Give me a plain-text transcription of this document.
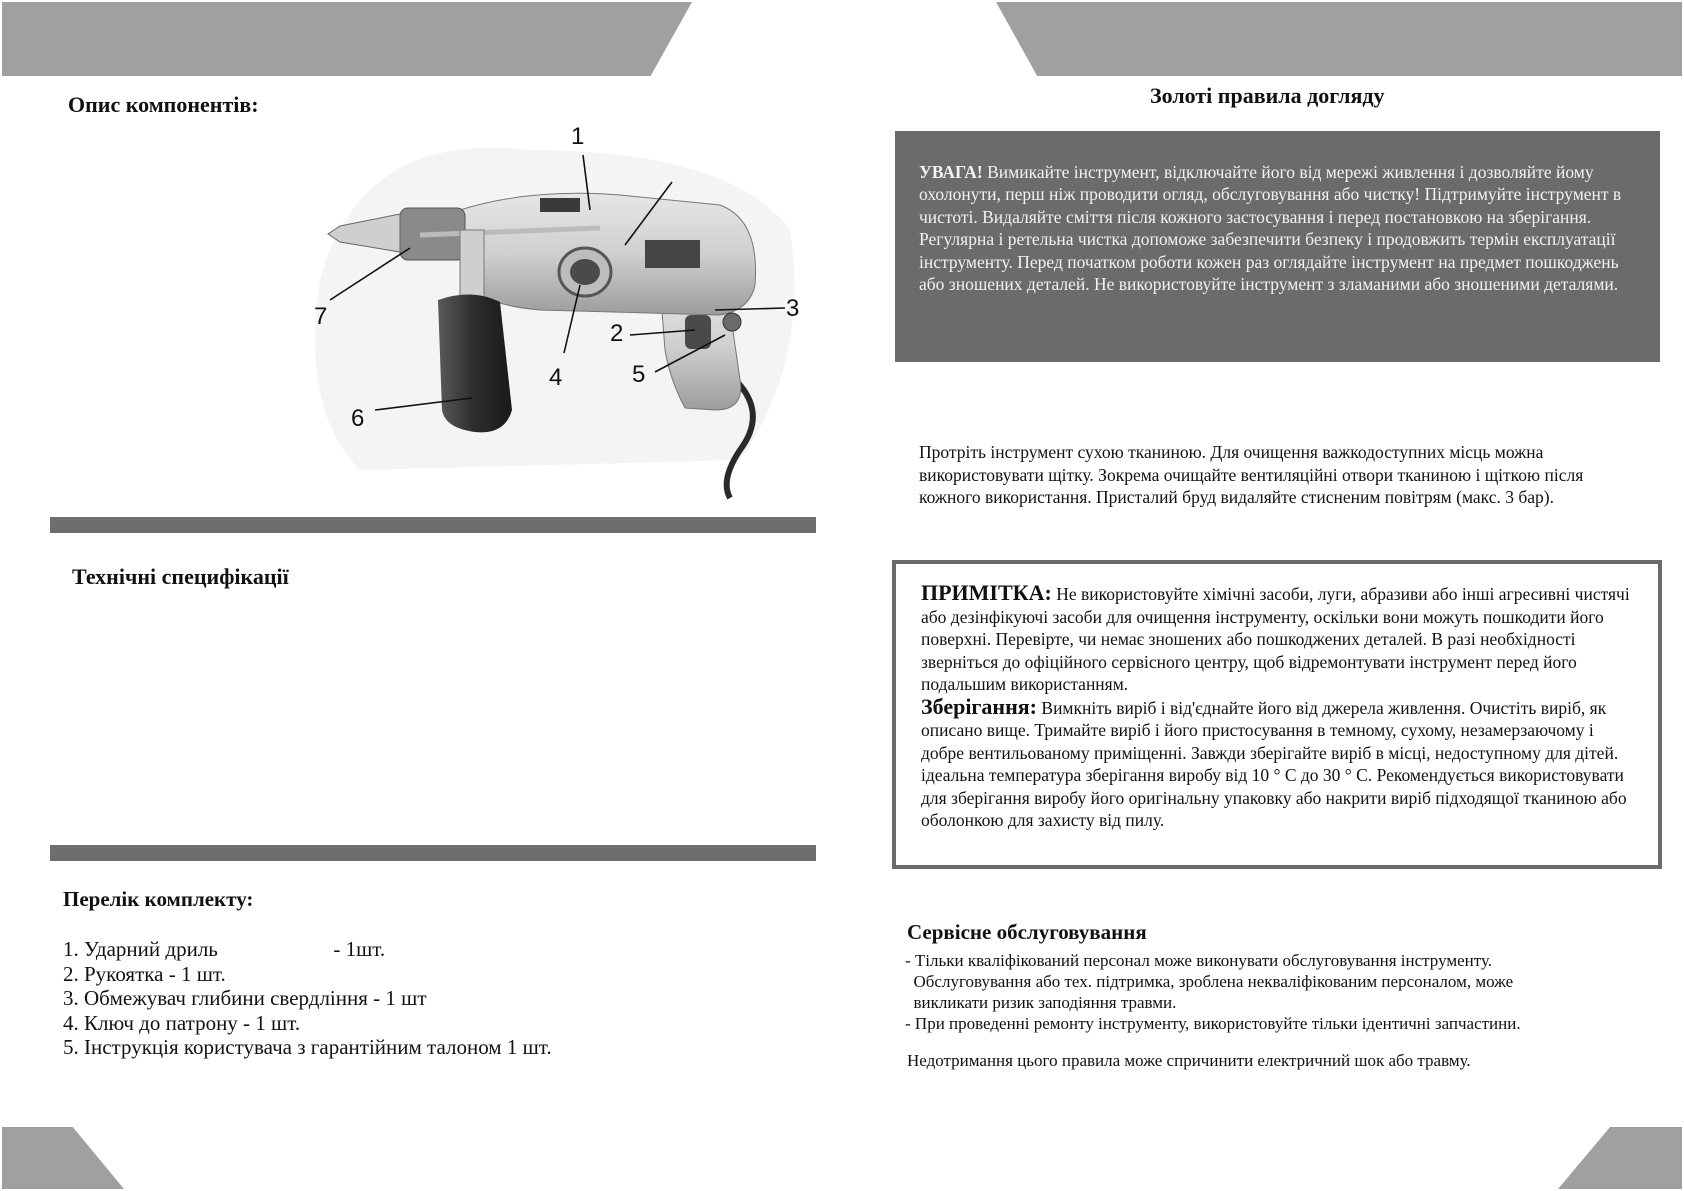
Опис компонентів:
1
2
3
4	5
6
7
Технічні специфікації
Перелік комплекту:
1. Ударний дриль                      - 1шт.
2. Рукоятка - 1 шт.
3. Обмежувач глибини свердління - 1 шт
4. Ключ до патрону - 1 шт.
5. Інструкція користувача з гарантійним талоном 1 шт.
Золоті правила догляду
УВАГА! Вимикайте інструмент, відключайте його від мережі живлення і дозволяйте йому охолонути, перш ніж проводити огляд, обслуговування або чистку! Підтримуйте інструмент в чистоті. Видаляйте сміття після кожного застосування і перед постановкою на зберігання. Регулярна і ретельна чистка допоможе забезпечити безпеку і продовжить термін експлуатації інструменту. Перед початком роботи кожен раз оглядайте інструмент на предмет пошкоджень або зношених деталей. Не використовуйте інструмент з зламаними або зношеними деталями.
Протріть інструмент сухою тканиною. Для очищення важкодоступних місць можна використовувати щітку. Зокрема очищайте вентиляційні отвори тканиною і щіткою після кожного використання. Присталий бруд видаляйте стисненим повітрям (макс. 3 бар).
ПРИМІТКА: Не використовуйте хімічні засоби, луги, абразиви або інші агресивні чистячі або дезінфікуючі засоби для очищення інструменту, оскільки вони можуть пошкодити його поверхні. Перевірте, чи немає зношених або пошкоджених деталей. В разі необхідності зверніться до офіційного сервісного центру, щоб відремонтувати інструмент перед його подальшим використанням.
Зберігання: Вимкніть виріб і від'єднайте його від джерела живлення. Очистіть виріб, як описано вище. Тримайте виріб і його пристосування в темному, сухому, незамерзаючому і добре вентильованому приміщенні. Завжди зберігайте виріб в місці, недоступному для дітей. ідеальна температура зберігання виробу від 10 ° С до 30 ° С. Рекомендується використовувати для зберігання виробу його оригінальну упаковку або накрити виріб підходящої тканиною або оболонкою для захисту від пилу.
Сервісне обслуговування
- Тільки кваліфікований персонал може виконувати обслуговування інструменту.
Обслуговування або тех. підтримка, зроблена некваліфікованим персоналом, може
викликати ризик заподіяння травми.
- При проведенні ремонту інструменту, використовуйте тільки ідентичні запчастини.
Недотримання цього правила може спричинити електричний шок або травму.
